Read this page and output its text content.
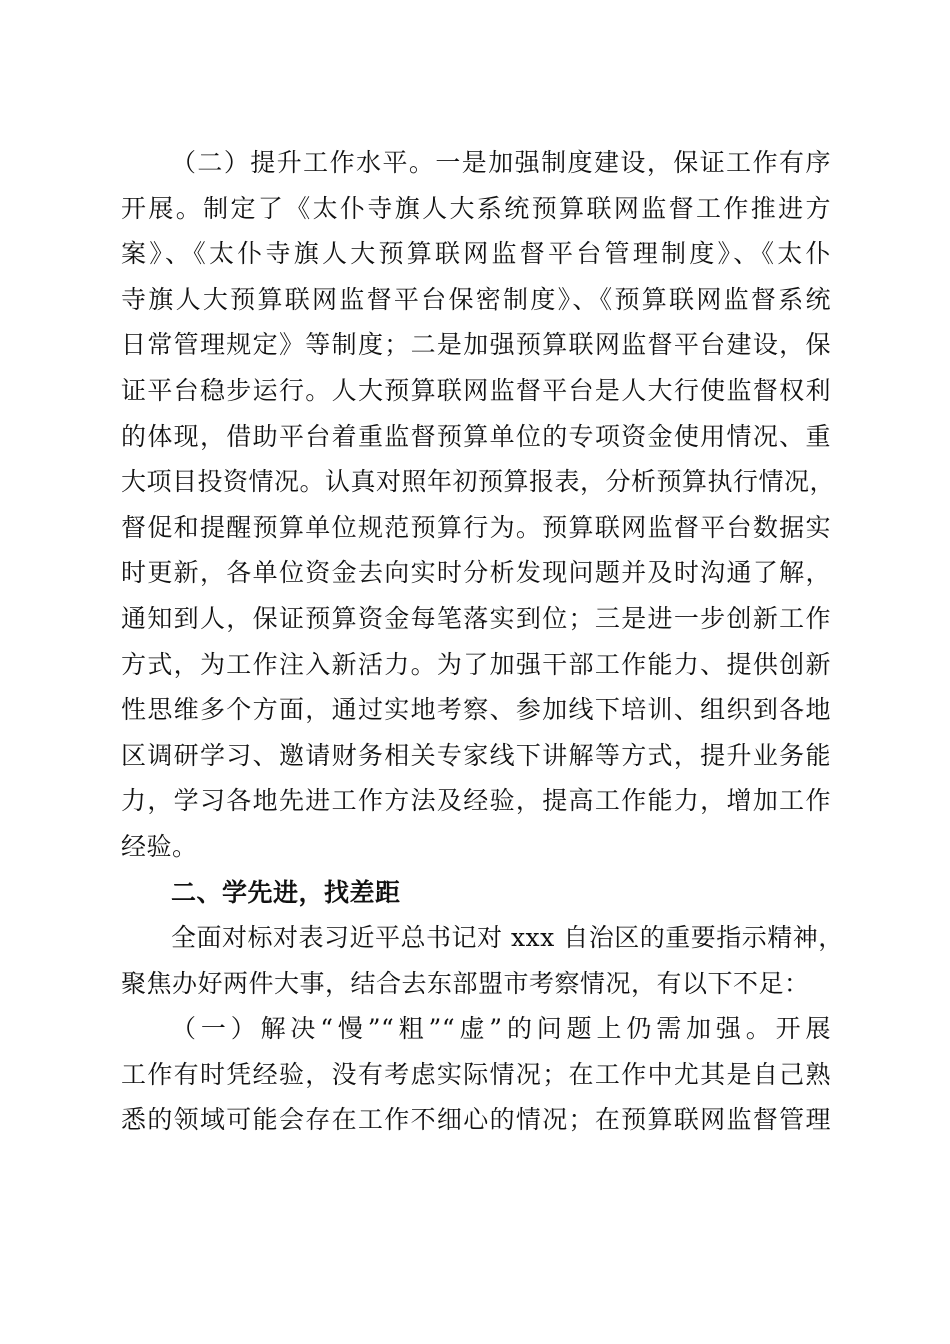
（二）提升工作水平。一是加强制度建设，保证工作有序
开展。制定了《太仆寺旗人大系统预算联网监督工作推进方
案》、《太仆寺旗人大预算联网监督平台管理制度》、《太仆
寺旗人大预算联网监督平台保密制度》、《预算联网监督系统
日常管理规定》等制度；二是加强预算联网监督平台建设，保
证平台稳步运行。人大预算联网监督平台是人大行使监督权利
的体现，借助平台着重监督预算单位的专项资金使用情况、重
大项目投资情况。认真对照年初预算报表，分析预算执行情况，
督促和提醒预算单位规范预算行为。预算联网监督平台数据实
时更新，各单位资金去向实时分析发现问题并及时沟通了解，
通知到人，保证预算资金每笔落实到位；三是进一步创新工作
方式，为工作注入新活力。为了加强干部工作能力、提供创新
性思维多个方面，通过实地考察、参加线下培训、组织到各地
区调研学习、邀请财务相关专家线下讲解等方式，提升业务能
力，学习各地先进工作方法及经验，提高工作能力，增加工作
经验。
二、学先进，找差距
全面对标对表习近平总书记对 xxx 自治区的重要指示精神，
聚焦办好两件大事，结合去东部盟市考察情况，有以下不足：
（一）解决“慢”“粗”“虚”的问题上仍需加强。开展
工作有时凭经验，没有考虑实际情况；在工作中尤其是自己熟
悉的领域可能会存在工作不细心的情况；在预算联网监督管理
